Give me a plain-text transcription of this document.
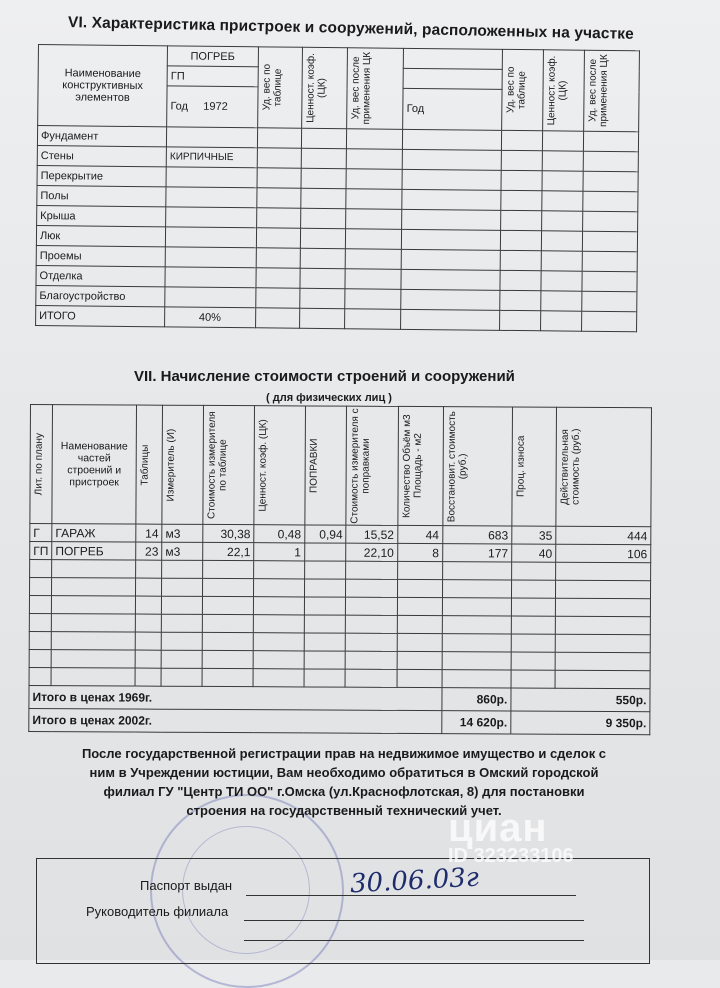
VI. Характеристика пристроек и сооружений, расположенных на участке
Наименование конструктивных элементов	ПОГРЕБ	Уд. вес по таблице	Ценност. коэф. (ЦК)	Уд. вес после применения ЦК		Уд. вес по таблице	Ценност. коэф. (ЦК)	Уд. вес после применения ЦК

	ГП							
	Год 1972				Год			
Фундамент								
Стены	КИРПИЧНЫЕ							
Перекрытие								
Полы								
Крыша								
Люк								
Проемы								
Отделка								
Благоустройство								
ИТОГО	40%							
VII. Начисление стоимости строений и сооружений
( для физических лиц )
Лит. по плану	Наменование частей строений и пристроек	Таблицы	Измеритель (И)	Стоимость измерителя по таблице	Ценност. коэф. (ЦК)	ПОПРАВКИ	Стоимость измерителя с поправками	Количество Объём м3 Площадь - м2	Восстановит. стоимость (руб.)	Проц. износа	Действительная стоимость (руб.)

Г	ГАРАЖ	14	м3	30,38	0,48	0,94	15,52	44	683	35	444
ГП	ПОГРЕБ	23	м3	22,1	1		22,10	8	177	40	106

Итого в ценах 1969г.									860р.	550р.	
Итого в ценах 2002г.									14 620р.	9 350р.	
После государственной регистрации прав на недвижимое имущество и сделок с
ним в Учреждении юстиции, Вам необходимо обратиться в Омский городской
филиал ГУ "Центр ТИ ОО" г.Омска (ул.Краснофлотская, 8) для постановки
строения на государственный технический учет.
Паспорт выдан
Руководитель филиала
30.06.03г
циан
ID 323233106
